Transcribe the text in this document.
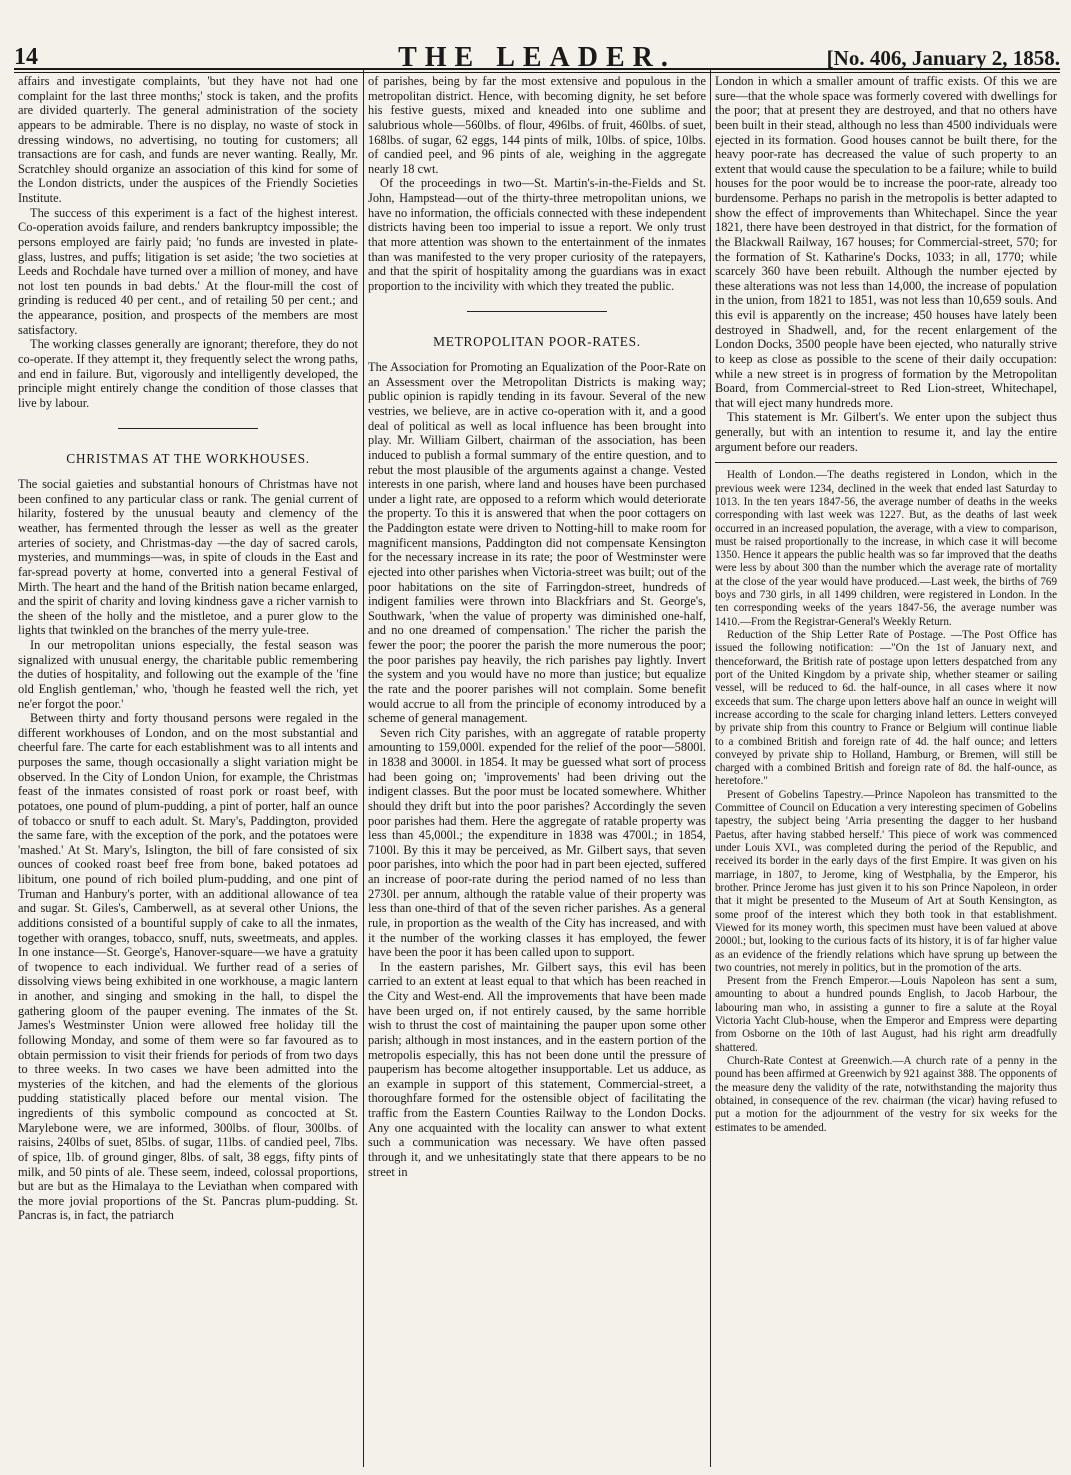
14	THE LEADER.	[No. 406, January 2, 1858.

affairs and investigate complaints, 'but they have not had one complaint for the last three months;' stock is taken, and the profits are divided quarterly. The general administration of the society appears to be admirable. There is no display, no waste of stock in dressing windows, no advertising, no touting for customers; all transactions are for cash, and funds are never wanting. Really, Mr. Scratchley should organize an association of this kind for some of the London districts, under the auspices of the Friendly Societies Institute.

The success of this experiment is a fact of the highest interest. Co-operation avoids failure, and renders bankruptcy impossible; the persons employed are fairly paid; 'no funds are invested in plate-glass, lustres, and puffs; litigation is set aside; 'the two societies at Leeds and Rochdale have turned over a million of money, and have not lost ten pounds in bad debts.' At the flour-mill the cost of grinding is reduced 40 per cent., and of retailing 50 per cent.; and the appearance, position, and prospects of the members are most satisfactory.

The working classes generally are ignorant; therefore, they do not co-operate. If they attempt it, they frequently select the wrong paths, and end in failure. But, vigorously and intelligently developed, the principle might entirely change the condition of those classes that live by labour.

CHRISTMAS AT THE WORKHOUSES.

The social gaieties and substantial honours of Christmas have not been confined to any particular class or rank. The genial current of hilarity, fostered by the unusual beauty and clemency of the weather, has fermented through the lesser as well as the greater arteries of society, and Christmas-day —the day of sacred carols, mysteries, and mummings—was, in spite of clouds in the East and far-spread poverty at home, converted into a general Festival of Mirth. The heart and the hand of the British nation became enlarged, and the spirit of charity and loving kindness gave a richer varnish to the sheen of the holly and the mistletoe, and a purer glow to the lights that twinkled on the branches of the merry yule-tree.

In our metropolitan unions especially, the festal season was signalized with unusual energy, the charitable public remembering the duties of hospitality, and following out the example of the 'fine old English gentleman,' who, 'though he feasted well the rich, yet ne'er forgot the poor.'

Between thirty and forty thousand persons were regaled in the different workhouses of London, and on the most substantial and cheerful fare. The carte for each establishment was to all intents and purposes the same, though occasionally a slight variation might be observed. In the City of London Union, for example, the Christmas feast of the inmates consisted of roast pork or roast beef, with potatoes, one pound of plum-pudding, a pint of porter, half an ounce of tobacco or snuff to each adult. St. Mary's, Paddington, provided the same fare, with the exception of the pork, and the potatoes were 'mashed.' At St. Mary's, Islington, the bill of fare consisted of six ounces of cooked roast beef free from bone, baked potatoes ad libitum, one pound of rich boiled plum-pudding, and one pint of Truman and Hanbury's porter, with an additional allowance of tea and sugar. St. Giles's, Camberwell, as at several other Unions, the additions consisted of a bountiful supply of cake to all the inmates, together with oranges, tobacco, snuff, nuts, sweetmeats, and apples. In one instance—St. George's, Hanover-square—we have a gratuity of twopence to each individual. We further read of a series of dissolving views being exhibited in one workhouse, a magic lantern in another, and singing and smoking in the hall, to dispel the gathering gloom of the pauper evening. The inmates of the St. James's Westminster Union were allowed free holiday till the following Monday, and some of them were so far favoured as to obtain permission to visit their friends for periods of from two days to three weeks. In two cases we have been admitted into the mysteries of the kitchen, and had the elements of the glorious pudding statistically placed before our mental vision. The ingredients of this symbolic compound as concocted at St. Marylebone were, we are informed, 300lbs. of flour, 300lbs. of raisins, 240lbs of suet, 85lbs. of sugar, 11lbs. of candied peel, 7lbs. of spice, 1lb. of ground ginger, 8lbs. of salt, 38 eggs, fifty pints of milk, and 50 pints of ale. These seem, indeed, colossal proportions, but are but as the Himalaya to the Leviathan when compared with the more jovial proportions of the St. Pancras plum-pudding. St. Pancras is, in fact, the patriarch

of parishes, being by far the most extensive and populous in the metropolitan district. Hence, with becoming dignity, he set before his festive guests, mixed and kneaded into one sublime and salubrious whole—560lbs. of flour, 496lbs. of fruit, 460lbs. of suet, 168lbs. of sugar, 62 eggs, 144 pints of milk, 10lbs. of spice, 10lbs. of candied peel, and 96 pints of ale, weighing in the aggregate nearly 18 cwt.

Of the proceedings in two—St. Martin's-in-the-Fields and St. John, Hampstead—out of the thirty-three metropolitan unions, we have no information, the officials connected with these independent districts having been too imperial to issue a report. We only trust that more attention was shown to the entertainment of the inmates than was manifested to the very proper curiosity of the ratepayers, and that the spirit of hospitality among the guardians was in exact proportion to the incivility with which they treated the public.

METROPOLITAN POOR-RATES.

The Association for Promoting an Equalization of the Poor-Rate on an Assessment over the Metropolitan Districts is making way; public opinion is rapidly tending in its favour. Several of the new vestries, we believe, are in active co-operation with it, and a good deal of political as well as local influence has been brought into play. Mr. William Gilbert, chairman of the association, has been induced to publish a formal summary of the entire question, and to rebut the most plausible of the arguments against a change. Vested interests in one parish, where land and houses have been purchased under a light rate, are opposed to a reform which would deteriorate the property. To this it is answered that when the poor cottagers on the Paddington estate were driven to Notting-hill to make room for magnificent mansions, Paddington did not compensate Kensington for the necessary increase in its rate; the poor of Westminster were ejected into other parishes when Victoria-street was built; out of the poor habitations on the site of Farringdon-street, hundreds of indigent families were thrown into Blackfriars and St. George's, Southwark, 'when the value of property was diminished one-half, and no one dreamed of compensation.' The richer the parish the fewer the poor; the poorer the parish the more numerous the poor; the poor parishes pay heavily, the rich parishes pay lightly. Invert the system and you would have no more than justice; but equalize the rate and the poorer parishes will not complain. Some benefit would accrue to all from the principle of economy introduced by a scheme of general management.

Seven rich City parishes, with an aggregate of ratable property amounting to 159,000l. expended for the relief of the poor—5800l. in 1838 and 3000l. in 1854. It may be guessed what sort of process had been going on; 'improvements' had been driving out the indigent classes. But the poor must be located somewhere. Whither should they drift but into the poor parishes? Accordingly the seven poor parishes had them. Here the aggregate of ratable property was less than 45,000l.; the expenditure in 1838 was 4700l.; in 1854, 7100l. By this it may be perceived, as Mr. Gilbert says, that seven poor parishes, into which the poor had in part been ejected, suffered an increase of poor-rate during the period named of no less than 2730l. per annum, although the ratable value of their property was less than one-third of that of the seven richer parishes. As a general rule, in proportion as the wealth of the City has increased, and with it the number of the working classes it has employed, the fewer have been the poor it has been called upon to support.

In the eastern parishes, Mr. Gilbert says, this evil has been carried to an extent at least equal to that which has been reached in the City and West-end. All the improvements that have been made have been urged on, if not entirely caused, by the same horrible wish to thrust the cost of maintaining the pauper upon some other parish; although in most instances, and in the eastern portion of the metropolis especially, this has not been done until the pressure of pauperism has become altogether insupportable. Let us adduce, as an example in support of this statement, Commercial-street, a thoroughfare formed for the ostensible object of facilitating the traffic from the Eastern Counties Railway to the London Docks. Any one acquainted with the locality can answer to what extent such a communication was necessary. We have often passed through it, and we unhesitatingly state that there appears to be no street in

London in which a smaller amount of traffic exists. Of this we are sure—that the whole space was formerly covered with dwellings for the poor; that at present they are destroyed, and that no others have been built in their stead, although no less than 4500 individuals were ejected in its formation. Good houses cannot be built there, for the heavy poor-rate has decreased the value of such property to an extent that would cause the speculation to be a failure; while to build houses for the poor would be to increase the poor-rate, already too burdensome. Perhaps no parish in the metropolis is better adapted to show the effect of improvements than Whitechapel. Since the year 1821, there have been destroyed in that district, for the formation of the Blackwall Railway, 167 houses; for Commercial-street, 570; for the formation of St. Katharine's Docks, 1033; in all, 1770; while scarcely 360 have been rebuilt. Although the number ejected by these alterations was not less than 14,000, the increase of population in the union, from 1821 to 1851, was not less than 10,659 souls. And this evil is apparently on the increase; 450 houses have lately been destroyed in Shadwell, and, for the recent enlargement of the London Docks, 3500 people have been ejected, who naturally strive to keep as close as possible to the scene of their daily occupation: while a new street is in progress of formation by the Metropolitan Board, from Commercial-street to Red Lion-street, Whitechapel, that will eject many hundreds more.

This statement is Mr. Gilbert's. We enter upon the subject thus generally, but with an intention to resume it, and lay the entire argument before our readers.

Health of London.—The deaths registered in London, which in the previous week were 1234, declined in the week that ended last Saturday to 1013. In the ten years 1847-56, the average number of deaths in the weeks corresponding with last week was 1227. But, as the deaths of last week occurred in an increased population, the average, with a view to comparison, must be raised proportionally to the increase, in which case it will become 1350. Hence it appears the public health was so far improved that the deaths were less by about 300 than the number which the average rate of mortality at the close of the year would have produced.—Last week, the births of 769 boys and 730 girls, in all 1499 children, were registered in London. In the ten corresponding weeks of the years 1847-56, the average number was 1410.—From the Registrar-General's Weekly Return.

Reduction of the Ship Letter Rate of Postage. —The Post Office has issued the following notification: —"On the 1st of January next, and thenceforward, the British rate of postage upon letters despatched from any port of the United Kingdom by a private ship, whether steamer or sailing vessel, will be reduced to 6d. the half-ounce, in all cases where it now exceeds that sum. The charge upon letters above half an ounce in weight will increase according to the scale for charging inland letters. Letters conveyed by private ship from this country to France or Belgium will continue liable to a combined British and foreign rate of 4d. the half ounce; and letters conveyed by private ship to Holland, Hamburg, or Bremen, will still be charged with a combined British and foreign rate of 8d. the half-ounce, as heretofore."

Present of Gobelins Tapestry.—Prince Napoleon has transmitted to the Committee of Council on Education a very interesting specimen of Gobelins tapestry, the subject being 'Arria presenting the dagger to her husband Paetus, after having stabbed herself.' This piece of work was commenced under Louis XVI., was completed during the period of the Republic, and received its border in the early days of the first Empire. It was given on his marriage, in 1807, to Jerome, king of Westphalia, by the Emperor, his brother. Prince Jerome has just given it to his son Prince Napoleon, in order that it might be presented to the Museum of Art at South Kensington, as some proof of the interest which they both took in that establishment. Viewed for its money worth, this specimen must have been valued at above 2000l.; but, looking to the curious facts of its history, it is of far higher value as an evidence of the friendly relations which have sprung up between the two countries, not merely in politics, but in the promotion of the arts.

Present from the French Emperor.—Louis Napoleon has sent a sum, amounting to about a hundred pounds English, to Jacob Harbour, the labouring man who, in assisting a gunner to fire a salute at the Royal Victoria Yacht Club-house, when the Emperor and Empress were departing from Osborne on the 10th of last August, had his right arm dreadfully shattered.

Church-Rate Contest at Greenwich.—A church rate of a penny in the pound has been affirmed at Greenwich by 921 against 388. The opponents of the measure deny the validity of the rate, notwithstanding the majority thus obtained, in consequence of the rev. chairman (the vicar) having refused to put a motion for the adjournment of the vestry for six weeks for the estimates to be amended.
